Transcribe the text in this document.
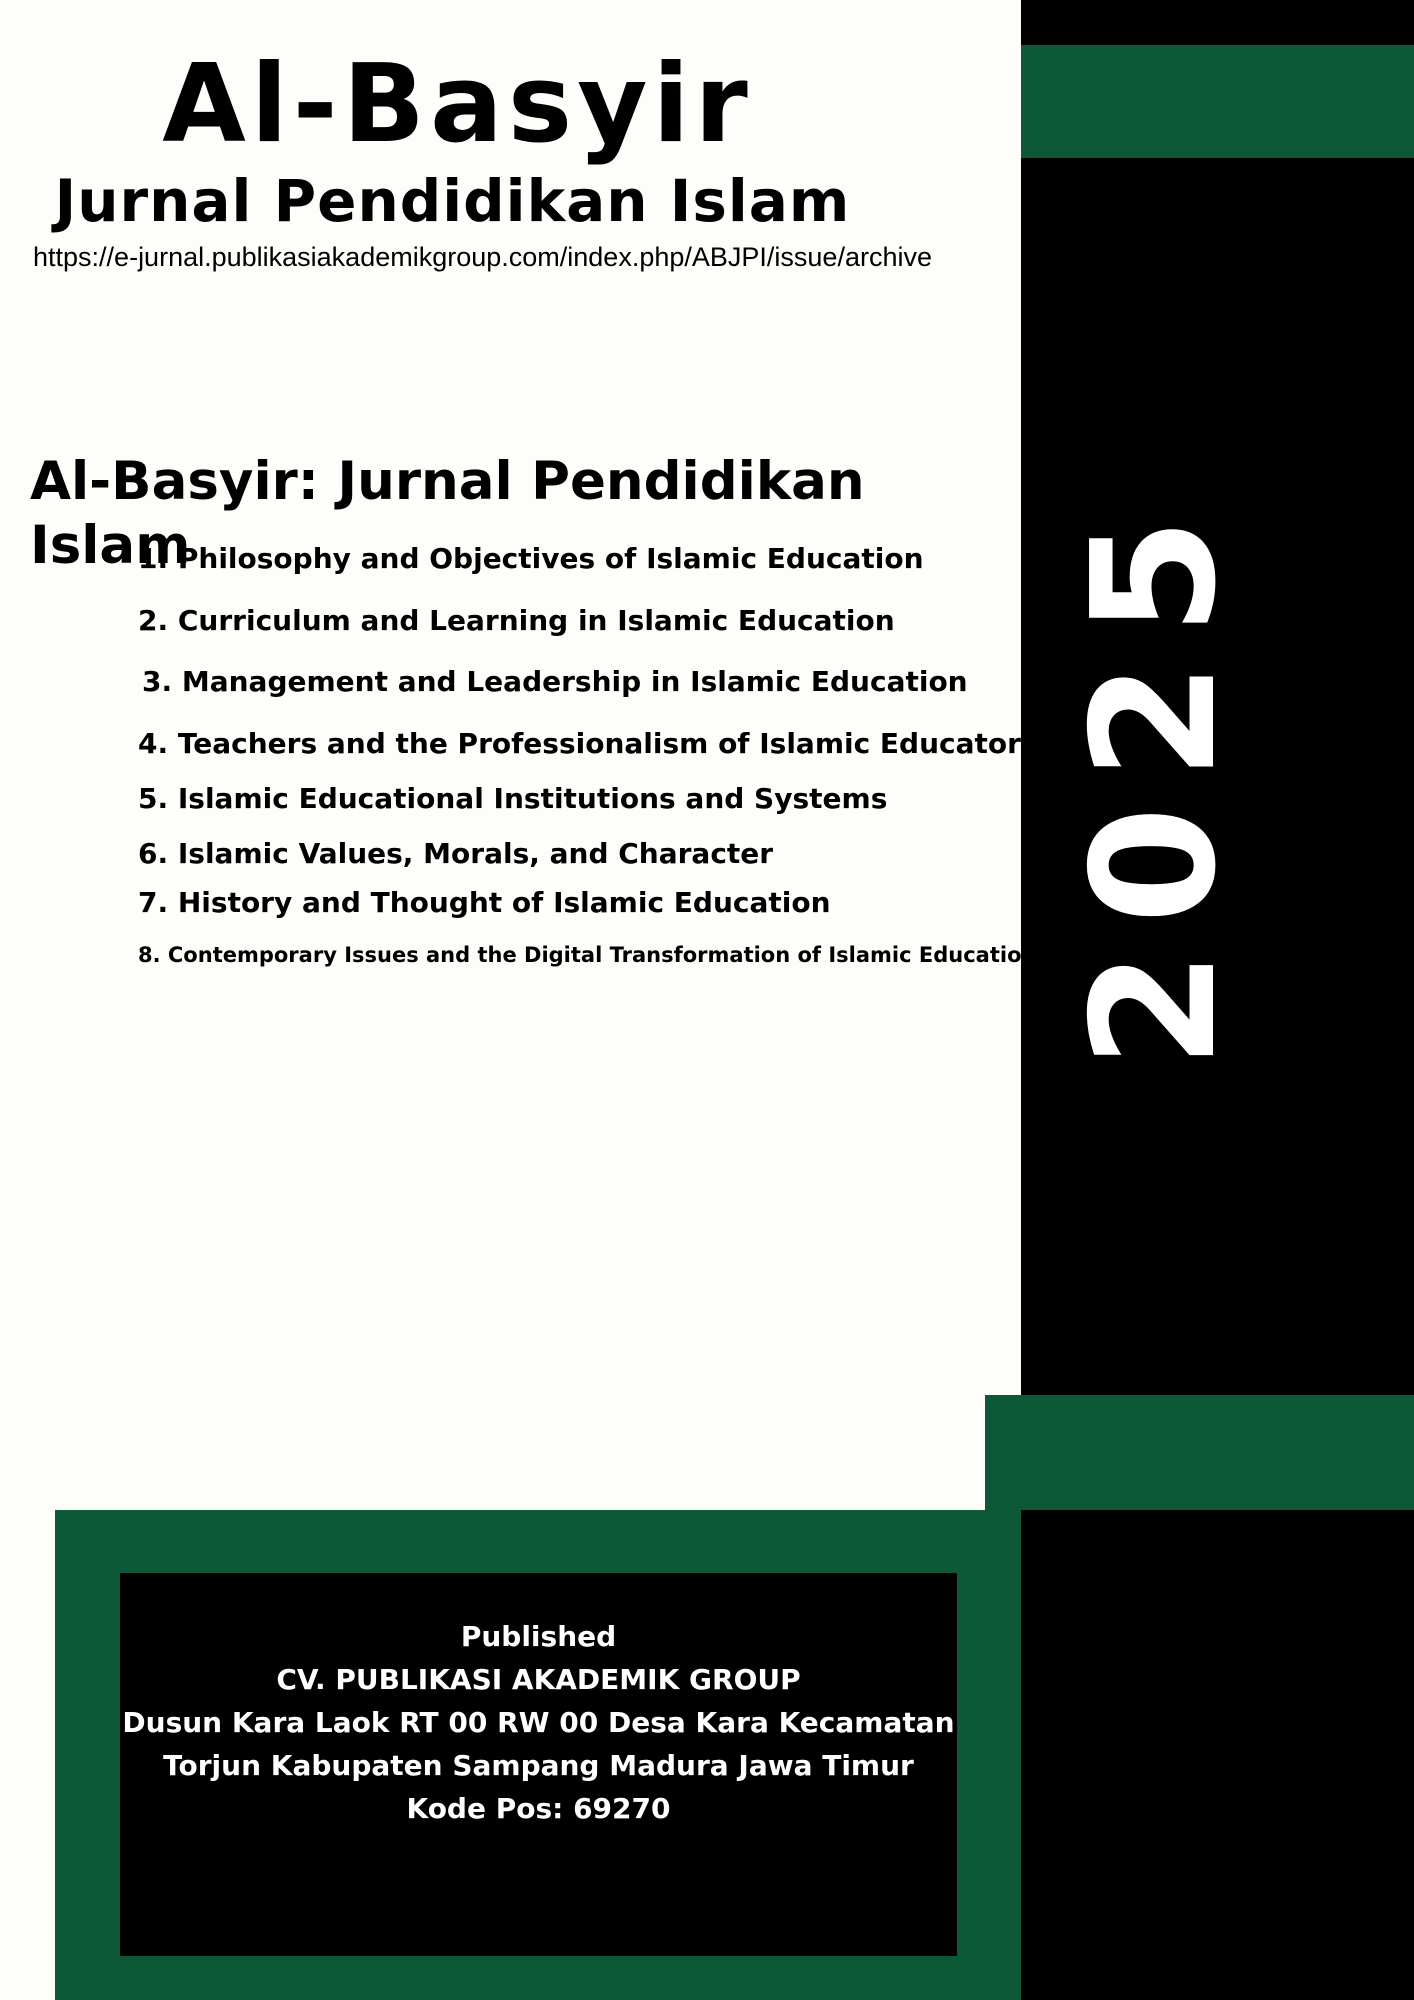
2025
Al-Basyir
Jurnal Pendidikan Islam
https://e-jurnal.publikasiakademikgroup.com/index.php/ABJPI/issue/archive
Al-Basyir: Jurnal Pendidikan Islam
1. Philosophy and Objectives of Islamic Education
2. Curriculum and Learning in Islamic Education
3. Management and Leadership in Islamic Education
4. Teachers and the Professionalism of Islamic Educators
5. Islamic Educational Institutions and Systems
6. Islamic Values, Morals, and Character
7. History and Thought of Islamic Education
8. Contemporary Issues and the Digital Transformation of Islamic Education
Published
CV. PUBLIKASI AKADEMIK GROUP
Dusun Kara Laok RT 00 RW 00 Desa Kara Kecamatan
Torjun Kabupaten Sampang Madura Jawa Timur
Kode Pos: 69270
